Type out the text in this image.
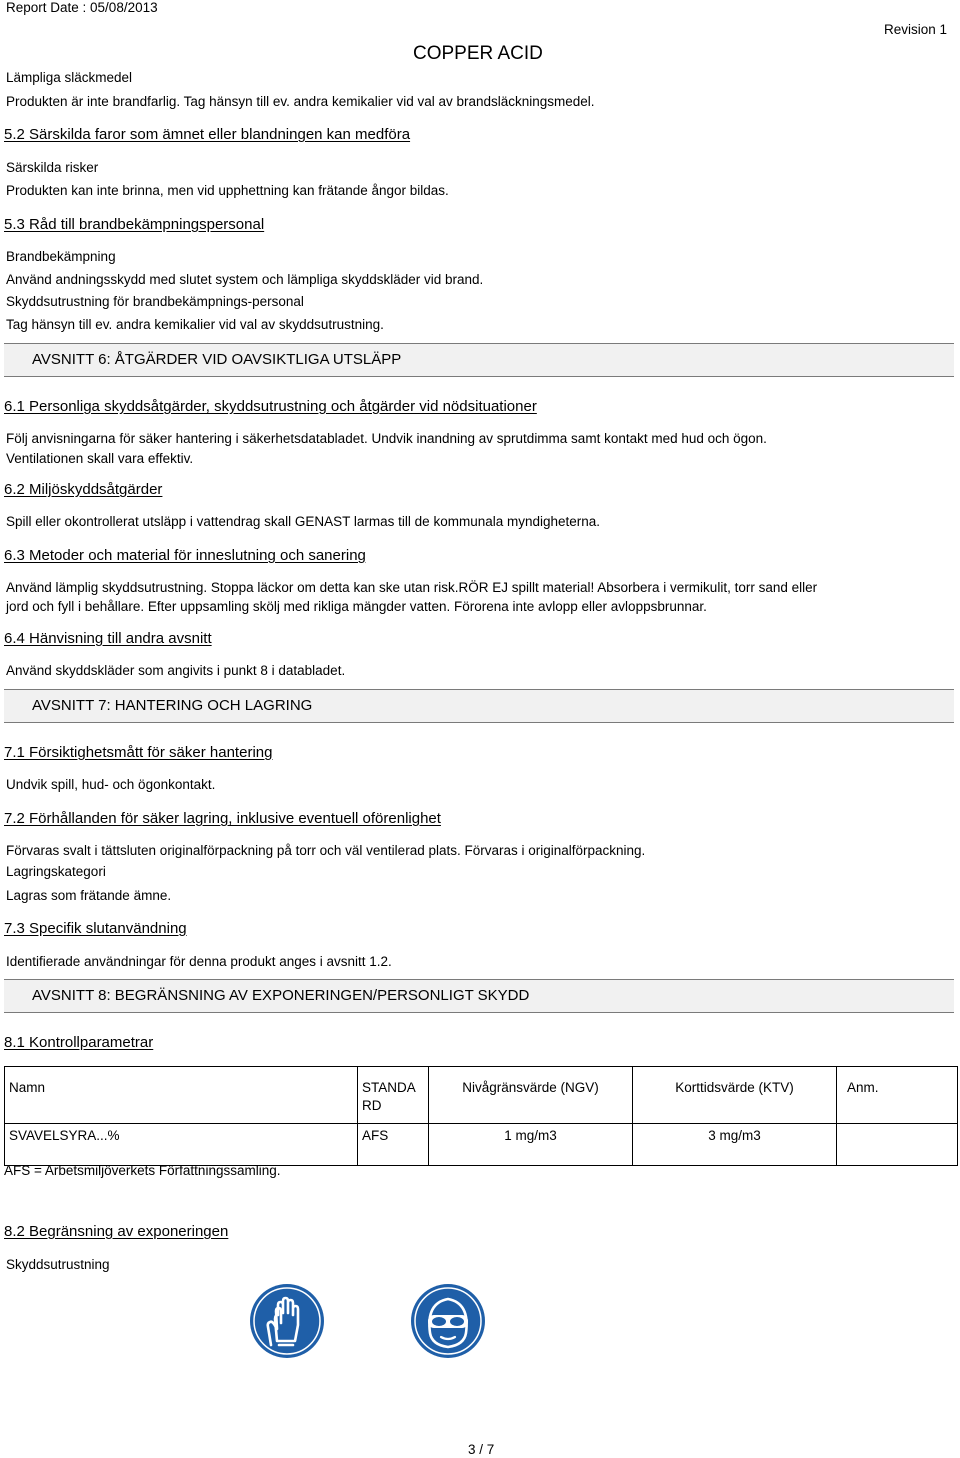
Report Date : 05/08/2013
Revision 1
COPPER ACID
Lämpliga släckmedel
Produkten är inte brandfarlig. Tag hänsyn till ev. andra kemikalier vid val av brandsläckningsmedel.
5.2 Särskilda faror som ämnet eller blandningen kan medföra
Särskilda risker
Produkten kan inte brinna, men vid upphettning kan frätande ångor bildas.
5.3 Råd till brandbekämpningspersonal
Brandbekämpning
Använd andningsskydd med slutet system och lämpliga skyddskläder vid brand.
Skyddsutrustning för brandbekämpnings-personal
Tag hänsyn till ev. andra kemikalier vid val av skyddsutrustning.
AVSNITT 6: ÅTGÄRDER VID OAVSIKTLIGA UTSLÄPP
6.1 Personliga skyddsåtgärder, skyddsutrustning och åtgärder vid nödsituationer
Följ anvisningarna för säker hantering i säkerhetsdatabladet. Undvik inandning av sprutdimma samt kontakt med hud och ögon.
Ventilationen skall vara effektiv.
6.2 Miljöskyddsåtgärder
Spill eller okontrollerat utsläpp i vattendrag skall GENAST larmas till de kommunala myndigheterna.
6.3 Metoder och material för inneslutning och sanering
Använd lämplig skyddsutrustning. Stoppa läckor om detta kan ske utan risk.RÖR EJ spillt material! Absorbera i vermikulit, torr sand eller
jord och fyll i behållare. Efter uppsamling skölj med rikliga mängder vatten. Förorena inte avlopp eller avloppsbrunnar.
6.4 Hänvisning till andra avsnitt
Använd skyddskläder som angivits i punkt 8 i databladet.
AVSNITT 7: HANTERING OCH LAGRING
7.1 Försiktighetsmått för säker hantering
Undvik spill, hud- och ögonkontakt.
7.2 Förhållanden för säker lagring, inklusive eventuell oförenlighet
Förvaras svalt i tättsluten originalförpackning på torr och väl ventilerad plats. Förvaras i originalförpackning.
Lagringskategori
Lagras som frätande ämne.
7.3 Specifik slutanvändning
Identifierade användningar för denna produkt anges i avsnitt 1.2.
AVSNITT 8: BEGRÄNSNING AV EXPONERINGEN/PERSONLIGT SKYDD
8.1 Kontrollparametrar
Namn	STANDARD	Nivågränsvärde (NGV)	Korttidsvärde (KTV)	Anm.
SVAVELSYRA...%	AFS	1 mg/m3	3 mg/m3	
AFS = Arbetsmiljöverkets Författningssamling.
8.2 Begränsning av exponeringen
Skyddsutrustning
3 / 7
